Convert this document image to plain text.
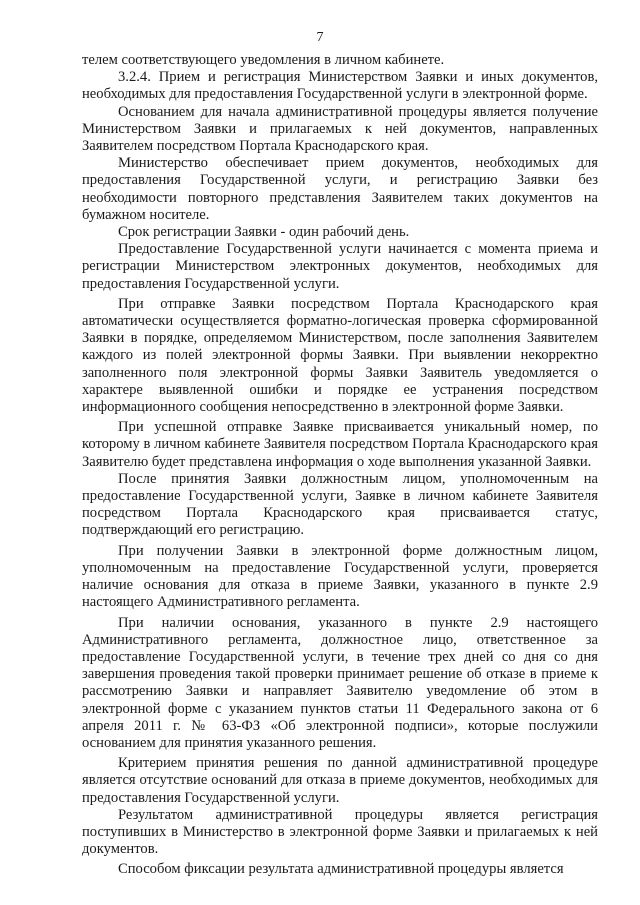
7

телем соответствующего уведомления в личном кабинете.

3.2.4. Прием и регистрация Министерством Заявки и иных документов, необходимых для предоставления Государственной услуги в электронной форме.

Основанием для начала административной процедуры является получение Министерством Заявки и прилагаемых к ней документов, направленных Заявителем посредством Портала Краснодарского края.

Министерство обеспечивает прием документов, необходимых для предоставления Государственной услуги, и регистрацию Заявки без необходимости повторного представления Заявителем таких документов на бумажном носителе.

Срок регистрации Заявки - один рабочий день.

Предоставление Государственной услуги начинается с момента приема и регистрации Министерством электронных документов, необходимых для предоставления Государственной услуги.

При отправке Заявки посредством Портала Краснодарского края автоматически осуществляется форматно-логическая проверка сформированной Заявки в порядке, определяемом Министерством, после заполнения Заявителем каждого из полей электронной формы Заявки. При выявлении некорректно заполненного поля электронной формы Заявки Заявитель уведомляется о характере выявленной ошибки и порядке ее устранения посредством информационного сообщения непосредственно в электронной форме Заявки.

При успешной отправке Заявке присваивается уникальный номер, по которому в личном кабинете Заявителя посредством Портала Краснодарского края Заявителю будет представлена информация о ходе выполнения указанной Заявки.

После принятия Заявки должностным лицом, уполномоченным на предоставление Государственной услуги, Заявке в личном кабинете Заявителя посредством Портала Краснодарского края присваивается статус, подтверждающий его регистрацию.

При получении Заявки в электронной форме должностным лицом, уполномоченным на предоставление Государственной услуги, проверяется наличие основания для отказа в приеме Заявки, указанного в пункте 2.9 настоящего Административного регламента.

При наличии основания, указанного в пункте 2.9 настоящего Административного регламента, должностное лицо, ответственное за предоставление Государственной услуги, в течение трех дней со дня со дня завершения проведения такой проверки принимает решение об отказе в приеме к рассмотрению Заявки и направляет Заявителю уведомление об этом в электронной форме с указанием пунктов статьи 11 Федерального закона от 6 апреля 2011 г. № 63-ФЗ «Об электронной подписи», которые послужили основанием для принятия указанного решения.

Критерием принятия решения по данной административной процедуре является отсутствие оснований для отказа в приеме документов, необходимых для предоставления Государственной услуги.

Результатом административной процедуры является регистрация поступивших в Министерство в электронной форме Заявки и прилагаемых к ней документов.

Способом фиксации результата административной процедуры является
